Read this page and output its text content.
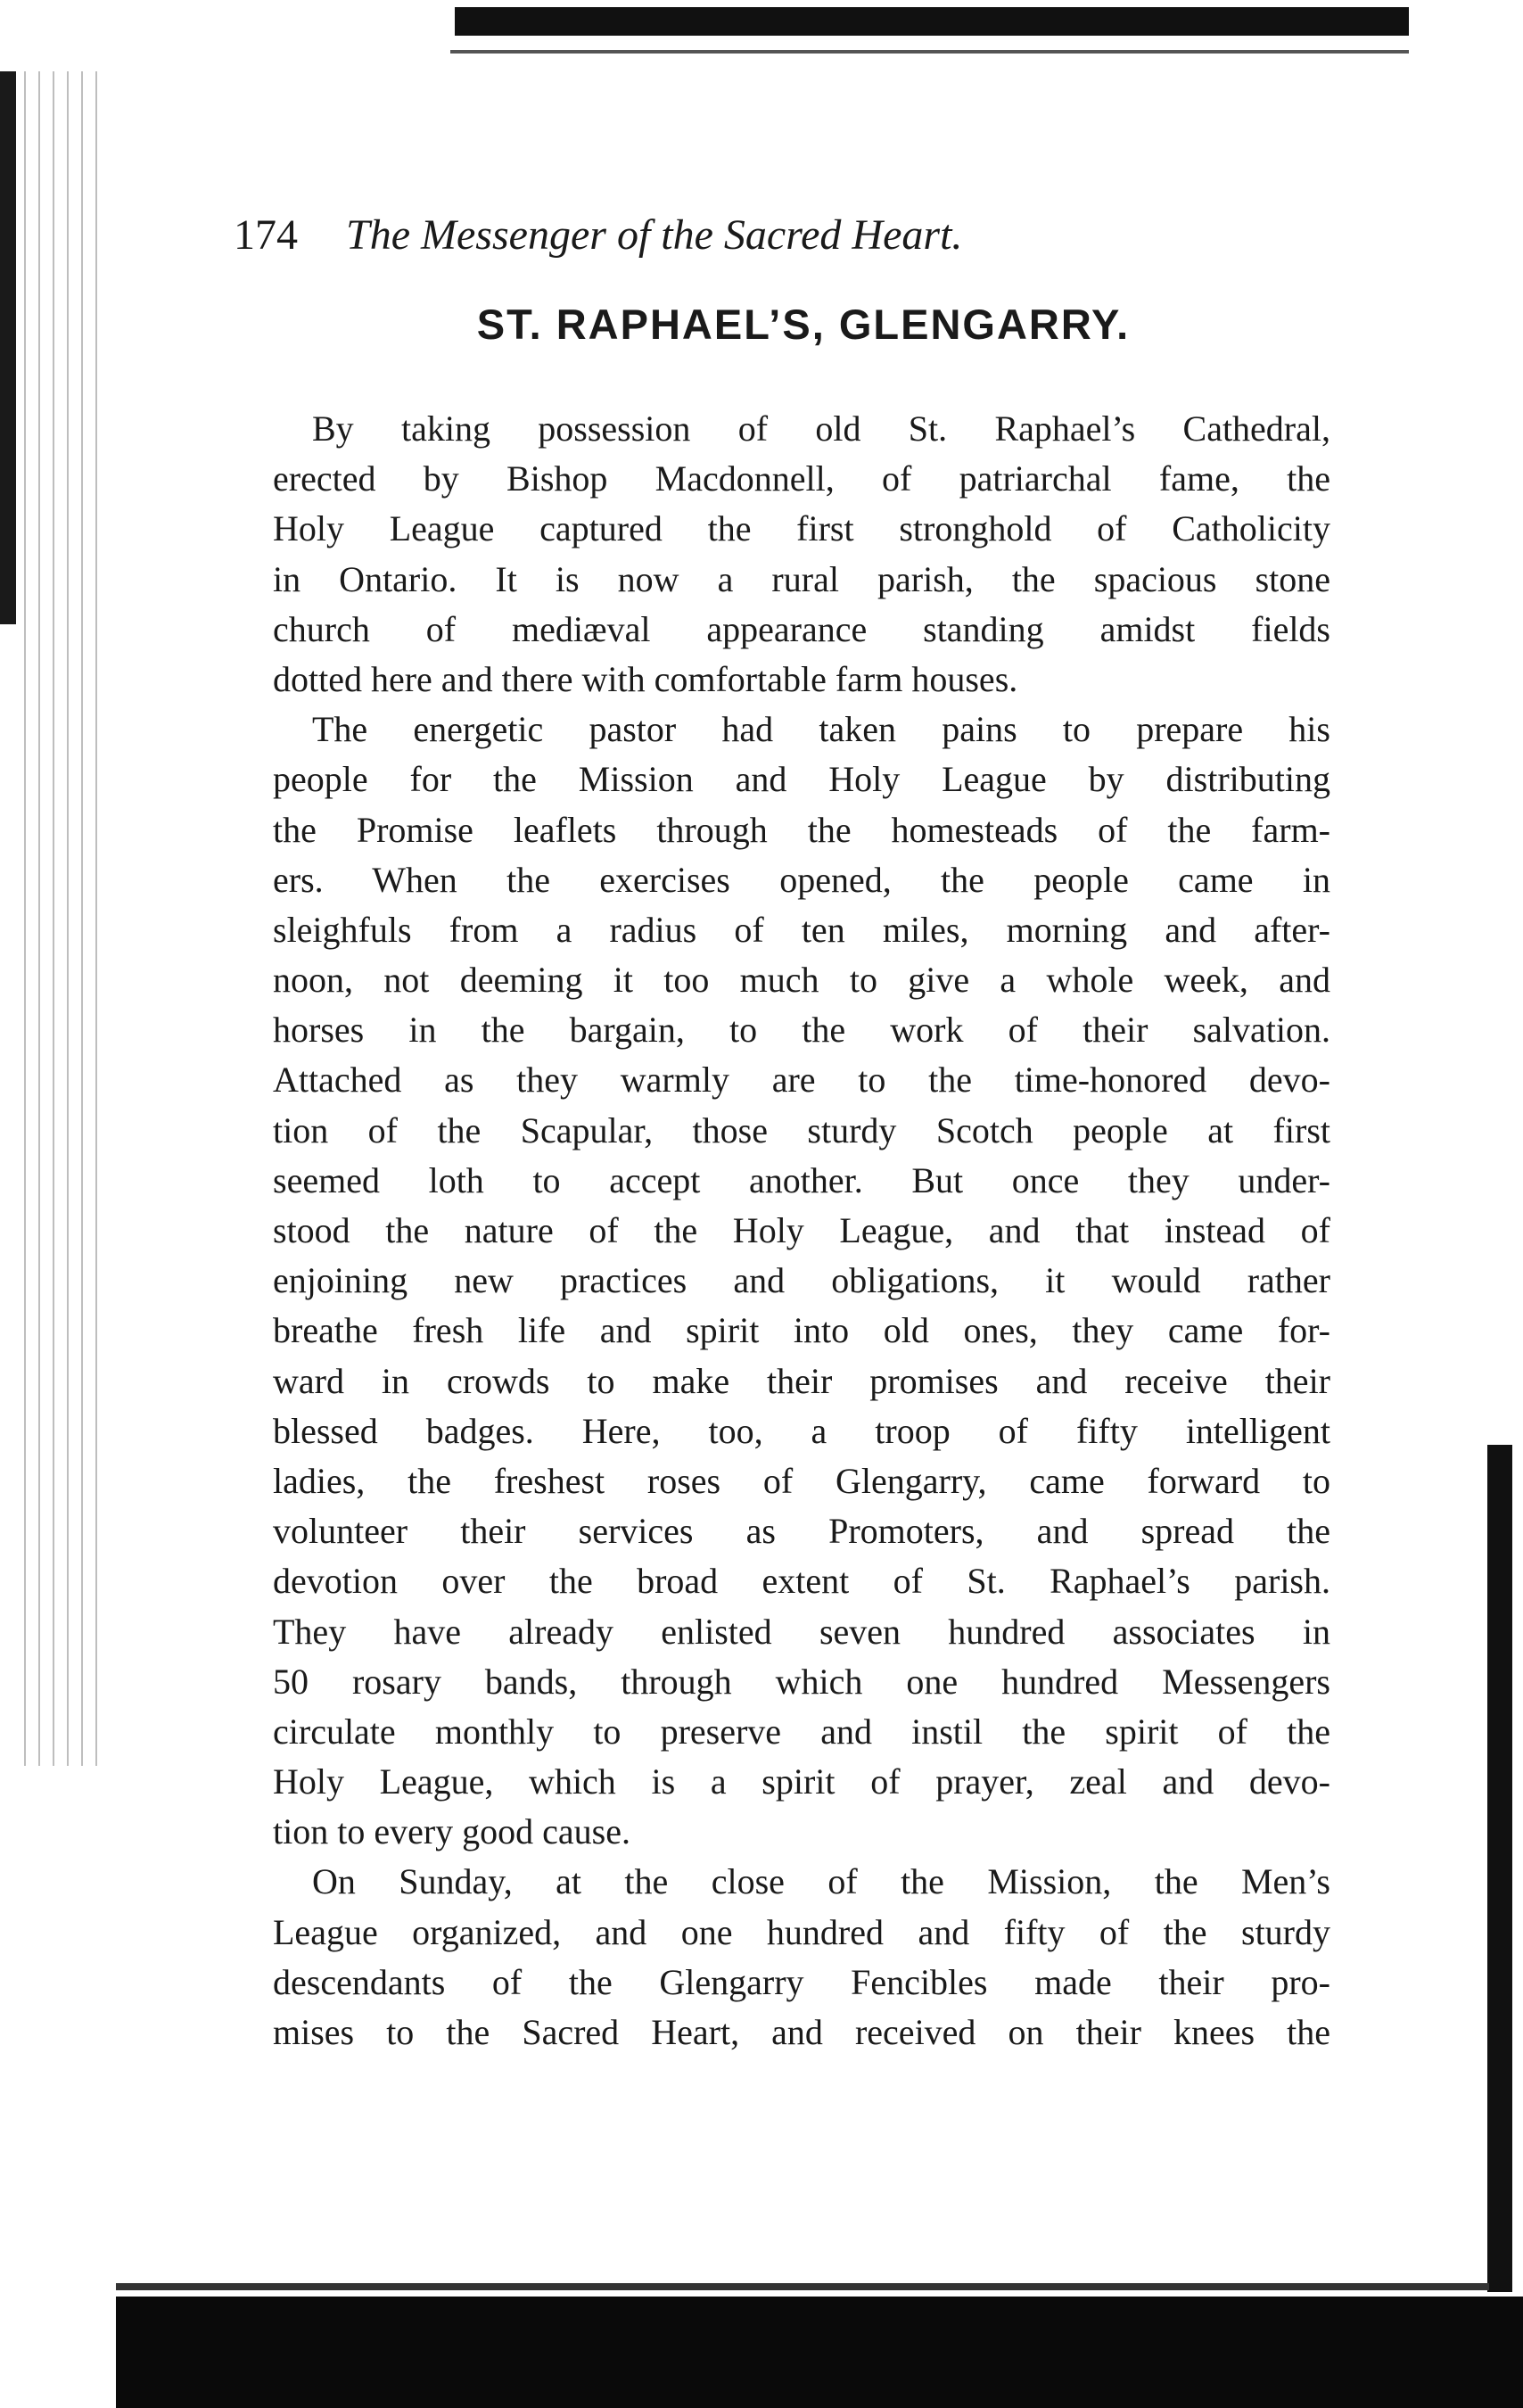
174 The Messenger of the Sacred Heart.
ST. RAPHAEL’S, GLENGARRY.
By taking possession of old St. Raphael’s Cathedral,
erected by Bishop Macdonnell, of patriarchal fame, the
Holy League captured the first stronghold of Catholicity
in Ontario. It is now a rural parish, the spacious stone
church of mediæval appearance standing amidst fields
dotted here and there with comfortable farm houses.
The energetic pastor had taken pains to prepare his
people for the Mission and Holy League by distributing
the Promise leaflets through the homesteads of the farm-
ers. When the exercises opened, the people came in
sleighfuls from a radius of ten miles, morning and after-
noon, not deeming it too much to give a whole week, and
horses in the bargain, to the work of their salvation.
Attached as they warmly are to the time-honored devo-
tion of the Scapular, those sturdy Scotch people at first
seemed loth to accept another. But once they under-
stood the nature of the Holy League, and that instead of
enjoining new practices and obligations, it would rather
breathe fresh life and spirit into old ones, they came for-
ward in crowds to make their promises and receive their
blessed badges. Here, too, a troop of fifty intelligent
ladies, the freshest roses of Glengarry, came forward to
volunteer their services as Promoters, and spread the
devotion over the broad extent of St. Raphael’s parish.
They have already enlisted seven hundred associates in
50 rosary bands, through which one hundred Messengers
circulate monthly to preserve and instil the spirit of the
Holy League, which is a spirit of prayer, zeal and devo-
tion to every good cause.
On Sunday, at the close of the Mission, the Men’s
League organized, and one hundred and fifty of the sturdy
descendants of the Glengarry Fencibles made their pro-
mises to the Sacred Heart, and received on their knees the
